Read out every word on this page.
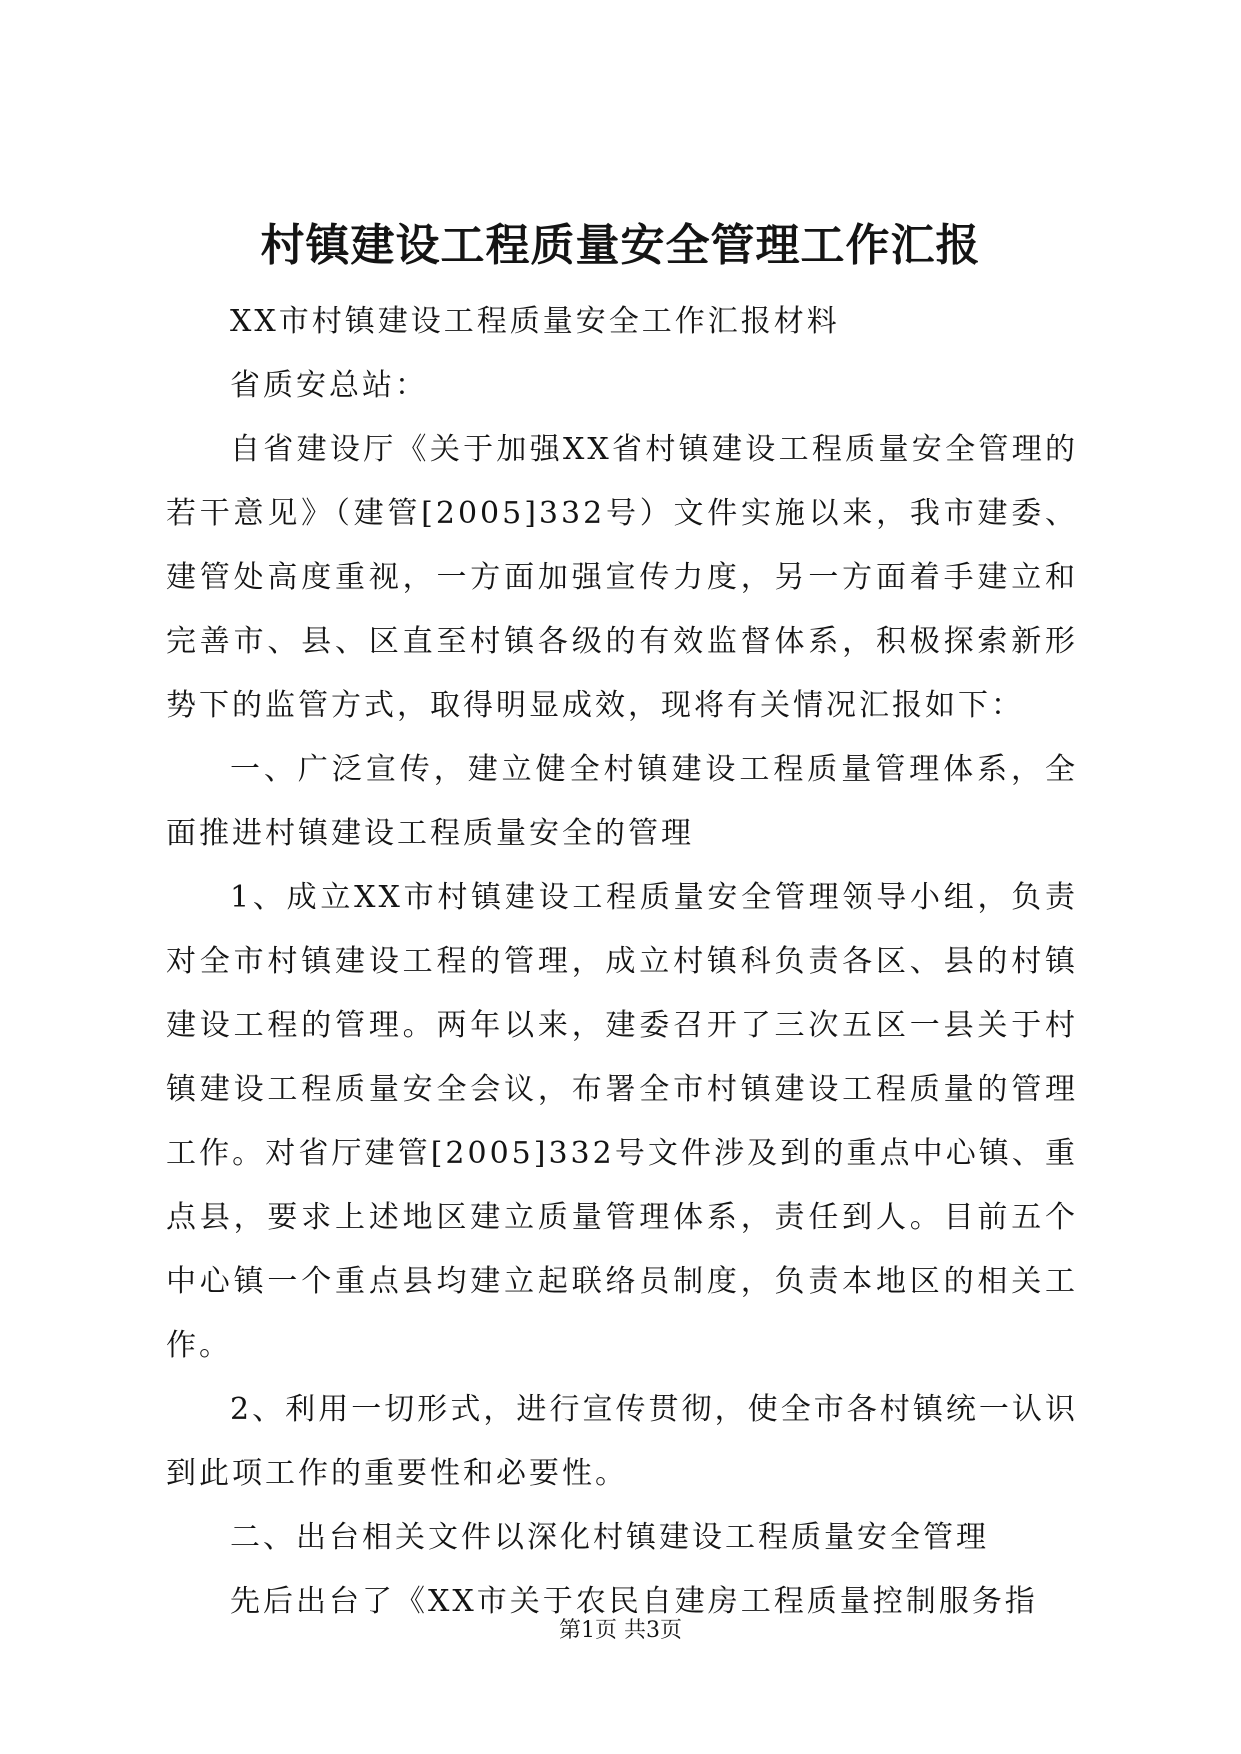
村镇建设工程质量安全管理工作汇报

XX市村镇建设工程质量安全工作汇报材料

省质安总站：

自省建设厅《关于加强XX省村镇建设工程质量安全管理的若干意见》（建管[2005]332号）文件实施以来，我市建委、建管处高度重视，一方面加强宣传力度，另一方面着手建立和完善市、县、区直至村镇各级的有效监督体系，积极探索新形势下的监管方式，取得明显成效，现将有关情况汇报如下：

一、广泛宣传，建立健全村镇建设工程质量管理体系，全面推进村镇建设工程质量安全的管理

1、成立XX市村镇建设工程质量安全管理领导小组，负责对全市村镇建设工程的管理，成立村镇科负责各区、县的村镇建设工程的管理。两年以来，建委召开了三次五区一县关于村镇建设工程质量安全会议，布署全市村镇建设工程质量的管理工作。对省厅建管[2005]332号文件涉及到的重点中心镇、重点县，要求上述地区建立质量管理体系，责任到人。目前五个中心镇一个重点县均建立起联络员制度，负责本地区的相关工作。

2、利用一切形式，进行宣传贯彻，使全市各村镇统一认识到此项工作的重要性和必要性。

二、出台相关文件以深化村镇建设工程质量安全管理

先后出台了《XX市关于农民自建房工程质量控制服务指

第1页 共3页
